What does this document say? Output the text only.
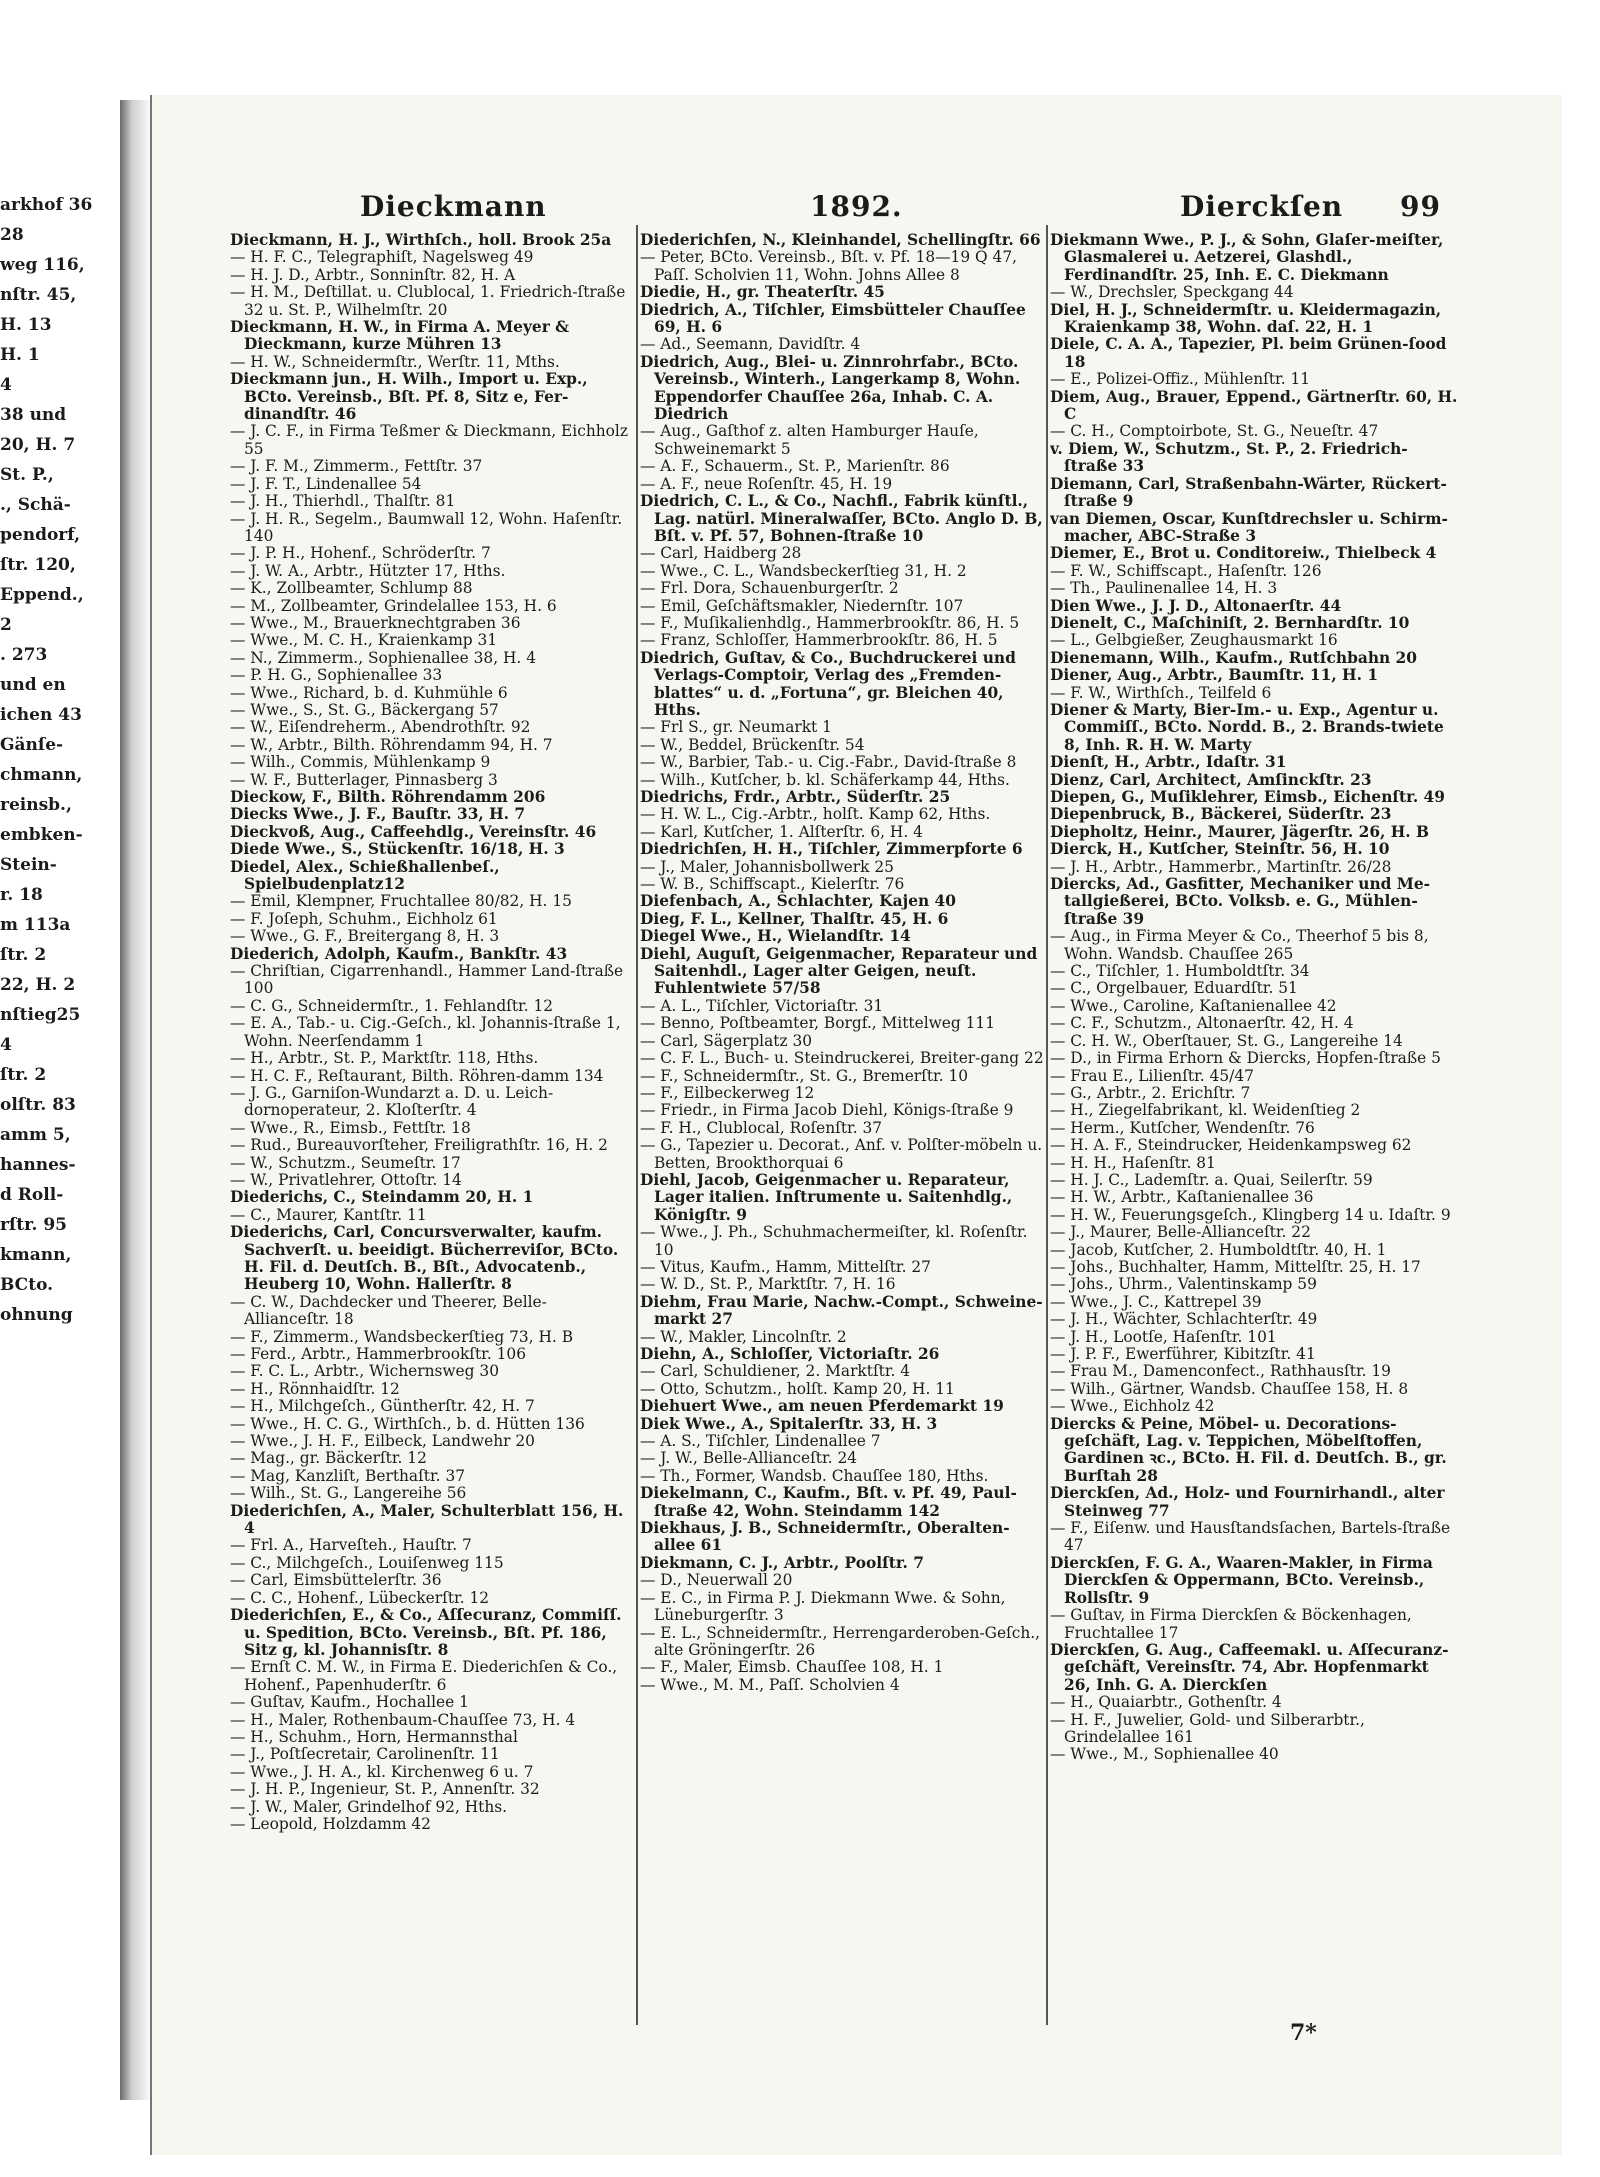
arkhof 36
28
weg 116,
nſtr. 45,
H. 13
H. 1
4
38 und
20, H. 7
St. P.,
., Schä-
pendorf,
ſtr. 120,
Eppend.,
2
. 273
und en
ichen 43
Gänſe-
chmann,
reinsb.,
embken-
Stein-
r. 18
m 113a
ſtr. 2
22, H. 2
nſtieg25
4
ſtr. 2
olſtr. 83
amm 5,
hannes-
d Roll-
rſtr. 95
kmann,
BCto.
ohnung
Dieckmann	1892.	Dierckſen 99

Dieckmann, H. J., Wirthſch., holl. Brook 25a

— H. F. C., Telegraphiſt, Nagelsweg 49

— H. J. D., Arbtr., Sonninſtr. 82, H. A

— H. M., Deſtillat. u. Clublocal, 1. Friedrich-ſtraße 32 u. St. P., Wilhelmſtr. 20

Dieckmann, H. W., in Firma A. Meyer & Dieckmann, kurze Mühren 13

— H. W., Schneidermſtr., Werſtr. 11, Mths.

Dieckmann jun., H. Wilh., Import u. Exp., BCto. Vereinsb., Bſt. Pf. 8, Sitz e, Fer-dinandſtr. 46

— J. C. F., in Firma Teßmer & Dieckmann, Eichholz 55

— J. F. M., Zimmerm., Fettſtr. 37

— J. F. T., Lindenallee 54

— J. H., Thierhdl., Thalſtr. 81

— J. H. R., Segelm., Baumwall 12, Wohn. Haſenſtr. 140

— J. P. H., Hohenf., Schröderſtr. 7

— J. W. A., Arbtr., Hützter 17, Hths.

— K., Zollbeamter, Schlump 88

— M., Zollbeamter, Grindelallee 153, H. 6

— Wwe., M., Brauerknechtgraben 36

— Wwe., M. C. H., Kraienkamp 31

— N., Zimmerm., Sophienallee 38, H. 4

— P. H. G., Sophienallee 33

— Wwe., Richard, b. d. Kuhmühle 6

— Wwe., S., St. G., Bäckergang 57

— W., Eiſendreherm., Abendrothſtr. 92

— W., Arbtr., Bilth. Röhrendamm 94, H. 7

— Wilh., Commis, Mühlenkamp 9

— W. F., Butterlager, Pinnasberg 3

Dieckow, F., Bilth. Röhrendamm 206

Diecks Wwe., J. F., Bauſtr. 33, H. 7

Dieckvoß, Aug., Caffeehdlg., Vereinsſtr. 46

Diede Wwe., S., Stückenſtr. 16/18, H. 3

Diedel, Alex., Schießhallenbeſ., Spielbudenplatz12

— Emil, Klempner, Fruchtallee 80/82, H. 15

— F. Joſeph, Schuhm., Eichholz 61

— Wwe., G. F., Breitergang 8, H. 3

Diederich, Adolph, Kaufm., Bankſtr. 43

— Chriſtian, Cigarrenhandl., Hammer Land-ſtraße 100

— C. G., Schneidermſtr., 1. Fehlandſtr. 12

— E. A., Tab.- u. Cig.-Geſch., kl. Johannis-ſtraße 1, Wohn. Neerſendamm 1

— H., Arbtr., St. P., Marktſtr. 118, Hths.

— H. C. F., Reſtaurant, Bilth. Röhren-damm 134

— J. G., Garniſon-Wundarzt a. D. u. Leich-dornoperateur, 2. Kloſterſtr. 4

— Wwe., R., Eimsb., Fettſtr. 18

— Rud., Bureauvorſteher, Freiligrathſtr. 16, H. 2

— W., Schutzm., Seumeſtr. 17

— W., Privatlehrer, Ottoſtr. 14

Diederichs, C., Steindamm 20, H. 1

— C., Maurer, Kantſtr. 11

Diederichs, Carl, Concursverwalter, kaufm. Sachverſt. u. beeidigt. Bücherreviſor, BCto. H. Fil. d. Deutſch. B., Bſt., Advocatenb., Heuberg 10, Wohn. Hallerſtr. 8

— C. W., Dachdecker und Theerer, Belle-Allianceſtr. 18

— F., Zimmerm., Wandsbeckerſtieg 73, H. B

— Ferd., Arbtr., Hammerbrookſtr. 106

— F. C. L., Arbtr., Wichernsweg 30

— H., Rönnhaidſtr. 12

— H., Milchgeſch., Güntherſtr. 42, H. 7

— Wwe., H. C. G., Wirthſch., b. d. Hütten 136

— Wwe., J. H. F., Eilbeck, Landwehr 20

— Mag., gr. Bäckerſtr. 12

— Mag, Kanzliſt, Berthaſtr. 37

— Wilh., St. G., Langereihe 56

Diederichſen, A., Maler, Schulterblatt 156, H. 4

— Frl. A., Harveſteh., Hauſtr. 7

— C., Milchgeſch., Louiſenweg 115

— Carl, Eimsbüttelerſtr. 36

— C. C., Hohenf., Lübeckerſtr. 12

Diederichſen, E., & Co., Aſſecuranz, Commiſſ. u. Spedition, BCto. Vereinsb., Bſt. Pf. 186, Sitz g, kl. Johannisſtr. 8

— Ernſt C. M. W., in Firma E. Diederichſen & Co., Hohenf., Papenhuderſtr. 6

— Guſtav, Kaufm., Hochallee 1

— H., Maler, Rothenbaum-Chauſſee 73, H. 4

— H., Schuhm., Horn, Hermannsthal

— J., Poſtſecretair, Carolinenſtr. 11

— Wwe., J. H. A., kl. Kirchenweg 6 u. 7

— J. H. P., Ingenieur, St. P., Annenſtr. 32

— J. W., Maler, Grindelhof 92, Hths.

— Leopold, Holzdamm 42

Diederichſen, N., Kleinhandel, Schellingſtr. 66

— Peter, BCto. Vereinsb., Bſt. v. Pf. 18—19 Q 47, Paſſ. Scholvien 11, Wohn. Johns Allee 8

Diedie, H., gr. Theaterſtr. 45

Diedrich, A., Tiſchler, Eimsbütteler Chauſſee 69, H. 6

— Ad., Seemann, Davidſtr. 4

Diedrich, Aug., Blei- u. Zinnrohrfabr., BCto. Vereinsb., Winterh., Langerkamp 8, Wohn. Eppendorfer Chauſſee 26a, Inhab. C. A. Diedrich

— Aug., Gaſthof z. alten Hamburger Hauſe, Schweinemarkt 5

— A. F., Schauerm., St. P., Marienſtr. 86

— A. F., neue Roſenſtr. 45, H. 19

Diedrich, C. L., & Co., Nachfl., Fabrik künſtl., Lag. natürl. Mineralwaſſer, BCto. Anglo D. B, Bſt. v. Pf. 57, Bohnen-ſtraße 10

— Carl, Haidberg 28

— Wwe., C. L., Wandsbeckerſtieg 31, H. 2

— Frl. Dora, Schauenburgerſtr. 2

— Emil, Geſchäftsmakler, Niedernſtr. 107

— F., Muſikalienhdlg., Hammerbrookſtr. 86, H. 5

— Franz, Schloſſer, Hammerbrookſtr. 86, H. 5

Diedrich, Guſtav, & Co., Buchdruckerei und Verlags-Comptoir, Verlag des „Fremden-blattes“ u. d. „Fortuna“, gr. Bleichen 40, Hths.

— Frl S., gr. Neumarkt 1

— W., Beddel, Brückenſtr. 54

— W., Barbier, Tab.- u. Cig.-Fabr., David-ſtraße 8

— Wilh., Kutſcher, b. kl. Schäferkamp 44, Hths.

Diedrichs, Frdr., Arbtr., Süderſtr. 25

— H. W. L., Cig.-Arbtr., holſt. Kamp 62, Hths.

— Karl, Kutſcher, 1. Alſterſtr. 6, H. 4

Diedrichſen, H. H., Tiſchler, Zimmerpforte 6

— J., Maler, Johannisbollwerk 25

— W. B., Schiffscapt., Kielerſtr. 76

Diefenbach, A., Schlachter, Kajen 40

Dieg, F. L., Kellner, Thalſtr. 45, H. 6

Diegel Wwe., H., Wielandſtr. 14

Diehl, Auguſt, Geigenmacher, Reparateur und Saitenhdl., Lager alter Geigen, neuſt. Fuhlentwiete 57/58

— A. L., Tiſchler, Victoriaſtr. 31

— Benno, Poſtbeamter, Borgf., Mittelweg 111

— Carl, Sägerplatz 30

— C. F. L., Buch- u. Steindruckerei, Breiter-gang 22

— F., Schneidermſtr., St. G., Bremerſtr. 10

— F., Eilbeckerweg 12

— Friedr., in Firma Jacob Diehl, Königs-ſtraße 9

— F. H., Clublocal, Roſenſtr. 37

— G., Tapezier u. Decorat., Anf. v. Polſter-möbeln u. Betten, Brookthorquai 6

Diehl, Jacob, Geigenmacher u. Reparateur, Lager italien. Inſtrumente u. Saitenhdlg., Königſtr. 9

— Wwe., J. Ph., Schuhmachermeiſter, kl. Roſenſtr. 10

— Vitus, Kaufm., Hamm, Mittelſtr. 27

— W. D., St. P., Marktſtr. 7, H. 16

Diehm, Frau Marie, Nachw.-Compt., Schweine-markt 27

— W., Makler, Lincolnſtr. 2

Diehn, A., Schloſſer, Victoriaſtr. 26

— Carl, Schuldiener, 2. Marktſtr. 4

— Otto, Schutzm., holſt. Kamp 20, H. 11

Diehuert Wwe., am neuen Pferdemarkt 19

Diek Wwe., A., Spitalerſtr. 33, H. 3

— A. S., Tiſchler, Lindenallee 7

— J. W., Belle-Allianceſtr. 24

— Th., Former, Wandsb. Chauſſee 180, Hths.

Diekelmann, C., Kaufm., Bſt. v. Pf. 49, Paul-ſtraße 42, Wohn. Steindamm 142

Diekhaus, J. B., Schneidermſtr., Oberalten-allee 61

Diekmann, C. J., Arbtr., Poolſtr. 7

— D., Neuerwall 20

— E. C., in Firma P. J. Diekmann Wwe. & Sohn, Lüneburgerſtr. 3

— E. L., Schneidermſtr., Herrengarderoben-Geſch., alte Gröningerſtr. 26

— F., Maler, Eimsb. Chauſſee 108, H. 1

— Wwe., M. M., Paſſ. Scholvien 4

Diekmann Wwe., P. J., & Sohn, Glaſer-meiſter, Glasmalerei u. Aetzerei, Glashdl., Ferdinandſtr. 25, Inh. E. C. Diekmann

— W., Drechsler, Speckgang 44

Diel, H. J., Schneidermſtr. u. Kleidermagazin, Kraienkamp 38, Wohn. daſ. 22, H. 1

Diele, C. A. A., Tapezier, Pl. beim Grünen-ſood 18

— E., Polizei-Offiz., Mühlenſtr. 11

Diem, Aug., Brauer, Eppend., Gärtnerſtr. 60, H. C

— C. H., Comptoirbote, St. G., Neueſtr. 47

v. Diem, W., Schutzm., St. P., 2. Friedrich-ſtraße 33

Diemann, Carl, Straßenbahn-Wärter, Rückert-ſtraße 9

van Diemen, Oscar, Kunſtdrechsler u. Schirm-macher, ABC-Straße 3

Diemer, E., Brot u. Conditoreiw., Thielbeck 4

— F. W., Schiffscapt., Haſenſtr. 126

— Th., Paulinenallee 14, H. 3

Dien Wwe., J. J. D., Altonaerſtr. 44

Dienelt, C., Maſchiniſt, 2. Bernhardſtr. 10

— L., Gelbgießer, Zeughausmarkt 16

Dienemann, Wilh., Kaufm., Rutſchbahn 20

Diener, Aug., Arbtr., Baumſtr. 11, H. 1

— F. W., Wirthſch., Teilfeld 6

Diener & Marty, Bier-Im.- u. Exp., Agentur u. Commiſſ., BCto. Nordd. B., 2. Brands-twiete 8, Inh. R. H. W. Marty

Dienſt, H., Arbtr., Idaſtr. 31

Dienz, Carl, Architect, Amſinckſtr. 23

Diepen, G., Muſiklehrer, Eimsb., Eichenſtr. 49

Diepenbruck, B., Bäckerei, Süderſtr. 23

Diepholtz, Heinr., Maurer, Jägerſtr. 26, H. B

Dierck, H., Kutſcher, Steinſtr. 56, H. 10

— J. H., Arbtr., Hammerbr., Martinſtr. 26/28

Diercks, Ad., Gasfitter, Mechaniker und Me-tallgießerei, BCto. Volksb. e. G., Mühlen-ſtraße 39

— Aug., in Firma Meyer & Co., Theerhof 5 bis 8, Wohn. Wandsb. Chauſſee 265

— C., Tiſchler, 1. Humboldtſtr. 34

— C., Orgelbauer, Eduardſtr. 51

— Wwe., Caroline, Kaſtanienallee 42

— C. F., Schutzm., Altonaerſtr. 42, H. 4

— C. H. W., Oberſtauer, St. G., Langereihe 14

— D., in Firma Erhorn & Diercks, Hopfen-ſtraße 5

— Frau E., Lilienſtr. 45/47

— G., Arbtr., 2. Erichſtr. 7

— H., Ziegelfabrikant, kl. Weidenſtieg 2

— Herm., Kutſcher, Wendenſtr. 76

— H. A. F., Steindrucker, Heidenkampsweg 62

— H. H., Haſenſtr. 81

— H. J. C., Lademſtr. a. Quai, Seilerſtr. 59

— H. W., Arbtr., Kaſtanienallee 36

— H. W., Feuerungsgeſch., Klingberg 14 u. Idaſtr. 9

— J., Maurer, Belle-Allianceſtr. 22

— Jacob, Kutſcher, 2. Humboldtſtr. 40, H. 1

— Johs., Buchhalter, Hamm, Mittelſtr. 25, H. 17

— Johs., Uhrm., Valentinskamp 59

— Wwe., J. C., Kattrepel 39

— J. H., Wächter, Schlachterſtr. 49

— J. H., Lootſe, Haſenſtr. 101

— J. P. F., Ewerführer, Kibitzſtr. 41

— Frau M., Damenconfect., Rathhausſtr. 19

— Wilh., Gärtner, Wandsb. Chauſſee 158, H. 8

— Wwe., Eichholz 42

Diercks & Peine, Möbel- u. Decorations-geſchäft, Lag. v. Teppichen, Möbelſtoffen, Gardinen ꝛc., BCto. H. Fil. d. Deutſch. B., gr. Burſtah 28

Dierckſen, Ad., Holz- und Fournirhandl., alter Steinweg 77

— F., Eiſenw. und Hausſtandsſachen, Bartels-ſtraße 47

Dierckſen, F. G. A., Waaren-Makler, in Firma Dierckſen & Oppermann, BCto. Vereinsb., Rollsſtr. 9

— Guſtav, in Firma Dierckſen & Böckenhagen, Fruchtallee 17

Dierckſen, G. Aug., Caffeemakl. u. Aſſecuranz-geſchäft, Vereinsſtr. 74, Abr. Hopfenmarkt 26, Inh. G. A. Dierckſen

— H., Quaiarbtr., Gothenſtr. 4

— H. F., Juwelier, Gold- und Silberarbtr., Grindelallee 161

— Wwe., M., Sophienallee 40

7*
